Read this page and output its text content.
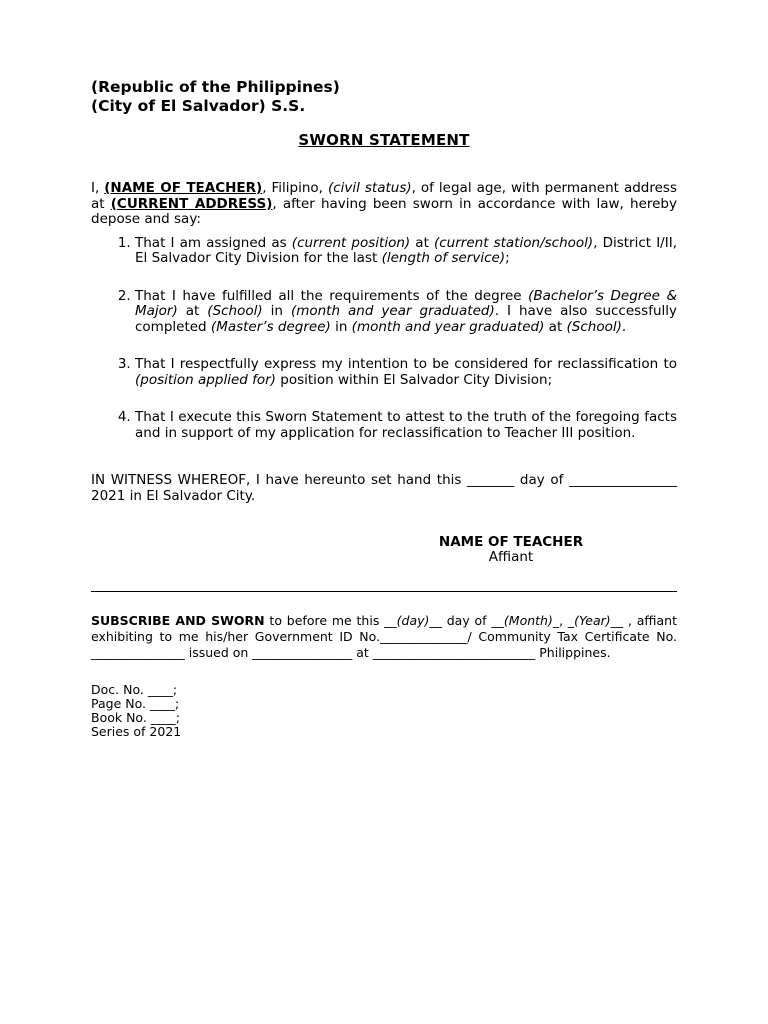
(Republic of the Philippines)

(City of El Salvador) S.S.

SWORN STATEMENT
I, (NAME OF TEACHER), Filipino, (civil status), of legal age, with permanent address at (CURRENT ADDRESS), after having been sworn in accordance with law, hereby depose and say:
1. That I am assigned as (current position) at (current station/school), District I/II, El Salvador City Division for the last (length of service);
2. That I have fulfilled all the requirements of the degree (Bachelor’s Degree & Major) at (School) in (month and year graduated). I have also successfully completed (Master’s degree) in (month and year graduated) at (School).
3. That I respectfully express my intention to be considered for reclassification to (position applied for) position within El Salvador City Division;
4. That I execute this Sworn Statement to attest to the truth of the foregoing facts and in support of my application for reclassification to Teacher III position.
IN WITNESS WHEREOF, I have hereunto set hand this _______ day of ________________ 2021 in El Salvador City.
NAME OF TEACHER
Affiant
SUBSCRIBE AND SWORN to before me this __(day)__ day of __(Month)_, _(Year)__ , affiant exhibiting to me his/her Government ID No.______________/ Community Tax Certificate No. _______________ issued on ________________ at __________________________ Philippines.
Doc. No. ____;
Page No. ____;
Book No. ____;
Series of 2021
